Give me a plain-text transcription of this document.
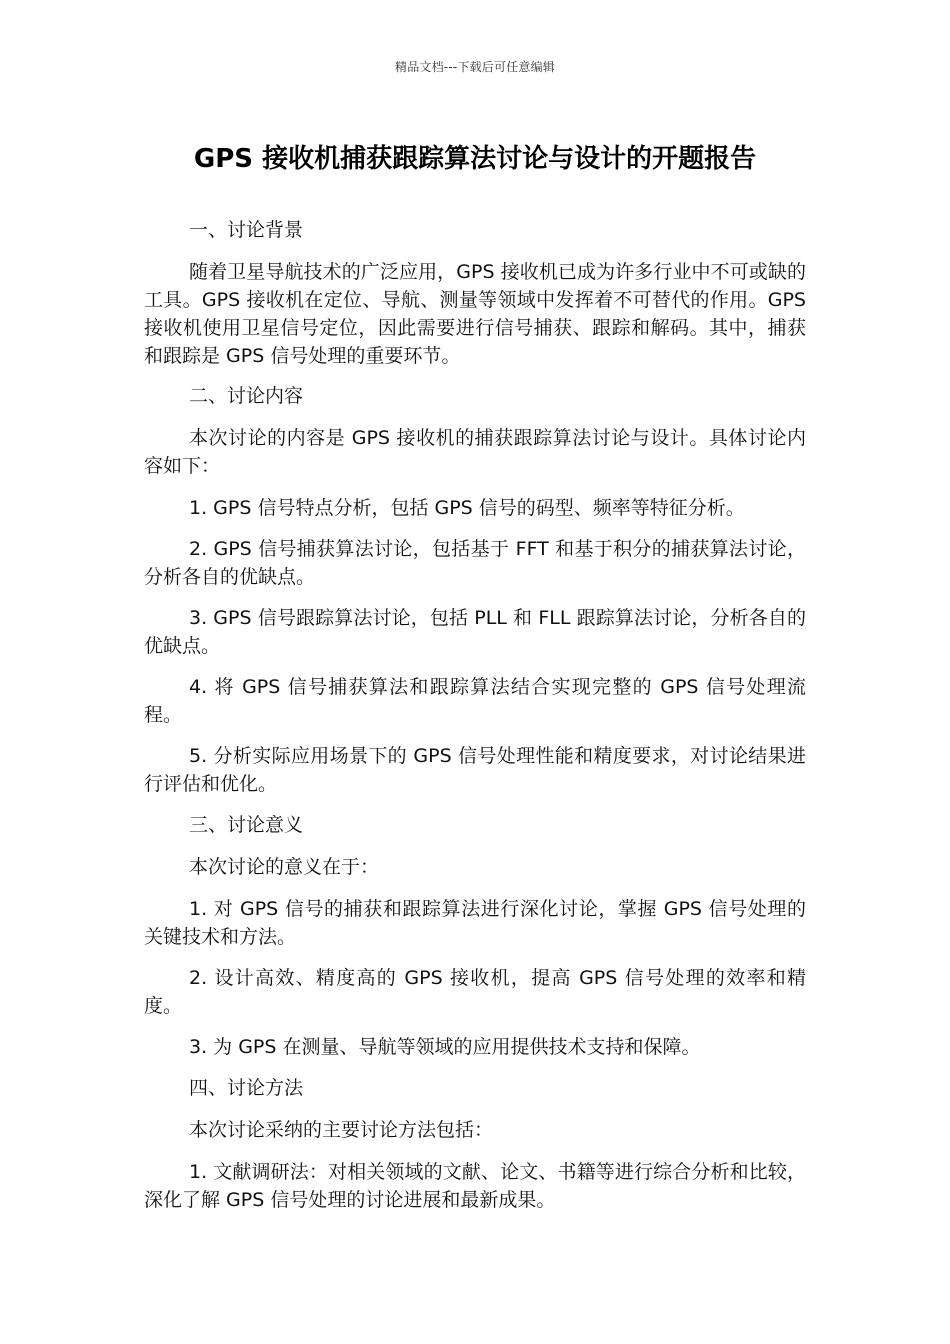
精品文档---下载后可任意编辑
GPS 接收机捕获跟踪算法讨论与设计的开题报告

一、讨论背景

随着卫星导航技术的广泛应用，GPS 接收机已成为许多行业中不可或缺的工具。GPS 接收机在定位、导航、测量等领域中发挥着不可替代的作用。GPS 接收机使用卫星信号定位，因此需要进行信号捕获、跟踪和解码。其中，捕获和跟踪是 GPS 信号处理的重要环节。

二、讨论内容

本次讨论的内容是 GPS 接收机的捕获跟踪算法讨论与设计。具体讨论内容如下：

1. GPS 信号特点分析，包括 GPS 信号的码型、频率等特征分析。

2. GPS 信号捕获算法讨论，包括基于 FFT 和基于积分的捕获算法讨论，分析各自的优缺点。

3. GPS 信号跟踪算法讨论，包括 PLL 和 FLL 跟踪算法讨论，分析各自的优缺点。

4. 将 GPS 信号捕获算法和跟踪算法结合实现完整的 GPS 信号处理流程。

5. 分析实际应用场景下的 GPS 信号处理性能和精度要求，对讨论结果进行评估和优化。

三、讨论意义

本次讨论的意义在于：

1. 对 GPS 信号的捕获和跟踪算法进行深化讨论，掌握 GPS 信号处理的关键技术和方法。

2. 设计高效、精度高的 GPS 接收机，提高 GPS 信号处理的效率和精度。

3. 为 GPS 在测量、导航等领域的应用提供技术支持和保障。

四、讨论方法

本次讨论采纳的主要讨论方法包括：

1. 文献调研法：对相关领域的文献、论文、书籍等进行综合分析和比较，深化了解 GPS 信号处理的讨论进展和最新成果。
